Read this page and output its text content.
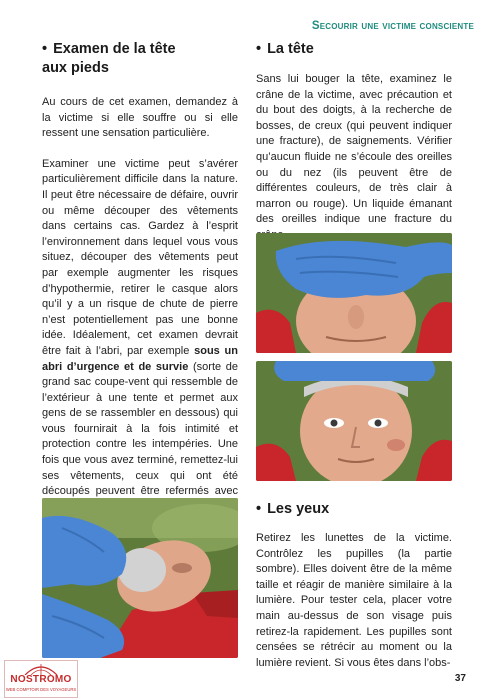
Secourir une victime consciente
• Examen de la tête
aux pieds

Au cours de cet examen, demandez à la victime si elle souffre ou si elle ressent une sensation particulière.

Examiner une victime peut s’avérer particulièrement difficile dans la nature. Il peut être nécessaire de défaire, ouvrir ou même découper des vêtements dans certains cas. Gardez à l’esprit l’environnement dans lequel vous vous situez, découper des vêtements peut par exemple augmenter les risques d’hypothermie, retirer le casque alors qu’il y a un risque de chute de pierre n’est potentiellement pas une bonne idée. Idéalement, cet examen devrait être fait à l’abri, par exemple sous un abri d’urgence et de survie (sorte de grand sac coupe-vent qui ressemble de l’extérieur à une tente et permet aux gens de se rassembler en dessous) qui vous fournirait à la fois intimité et protection contre les intempéries. Une fois que vous avez terminé, remettez-lui ses vêtements, ceux qui ont été découpés peuvent être refermés avec

• La tête

Sans lui bouger la tête, examinez le crâne de la victime, avec précaution et du bout des doigts, à la recherche de bosses, de creux (qui peuvent indiquer une fracture), de saignements. Vérifier qu’aucun fluide ne s’écoule des oreilles ou du nez (ils peuvent être de différentes couleurs, de très clair à marron ou rouge). Un liquide émanant des oreilles indique une fracture du

• Les yeux

Retirez les lunettes de la victime. Contrôlez les pupilles (la partie sombre). Elles doivent être de la même taille et réagir de manière similaire à la lumière. Pour tester cela, placer votre main au-dessus de son visage puis retirez-la rapidement. Les pupilles sont censées se rétrécir au moment ou la lumière revient. Si vous êtes dans l’obs-

37
NOSTROMO
WEB COMPTOIR DES VOYAGEURS
